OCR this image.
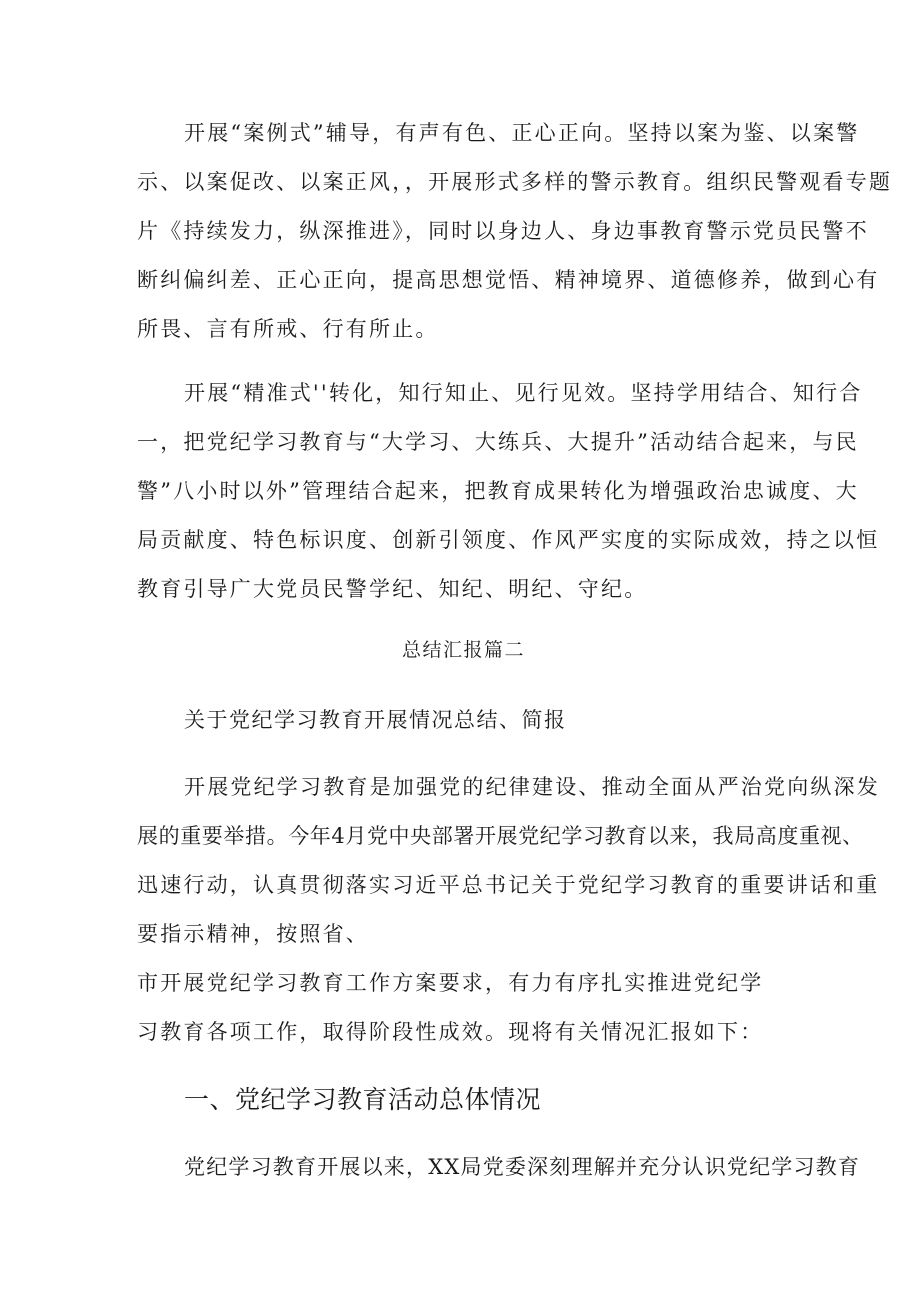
开展“案例式”辅导，有声有色、正心正向。坚持以案为鉴、以案警
示、以案促改、以案正风，，开展形式多样的警示教育。组织民警观看专题
片《持续发力，纵深推进》，同时以身边人、身边事教育警示党员民警不
断纠偏纠差、正心正向，提高思想觉悟、精神境界、道德修养，做到心有
所畏、言有所戒、行有所止。
开展“精准式''转化，知行知止、见行见效。坚持学用结合、知行合
一，把党纪学习教育与“大学习、大练兵、大提升”活动结合起来，与民
警”八小时以外”管理结合起来，把教育成果转化为增强政治忠诚度、大
局贡献度、特色标识度、创新引领度、作风严实度的实际成效，持之以恒
教育引导广大党员民警学纪、知纪、明纪、守纪。
总结汇报篇二
关于党纪学习教育开展情况总结、简报
开展党纪学习教育是加强党的纪律建设、推动全面从严治党向纵深发
展的重要举措。今年4月党中央部署开展党纪学习教育以来，我局高度重视、
迅速行动，认真贯彻落实习近平总书记关于党纪学习教育的重要讲话和重
要指示精神，按照省、
市开展党纪学习教育工作方案要求，有力有序扎实推进党纪学
习教育各项工作，取得阶段性成效。现将有关情况汇报如下：
一、党纪学习教育活动总体情况
党纪学习教育开展以来，XX局党委深刻理解并充分认识党纪学习教育
